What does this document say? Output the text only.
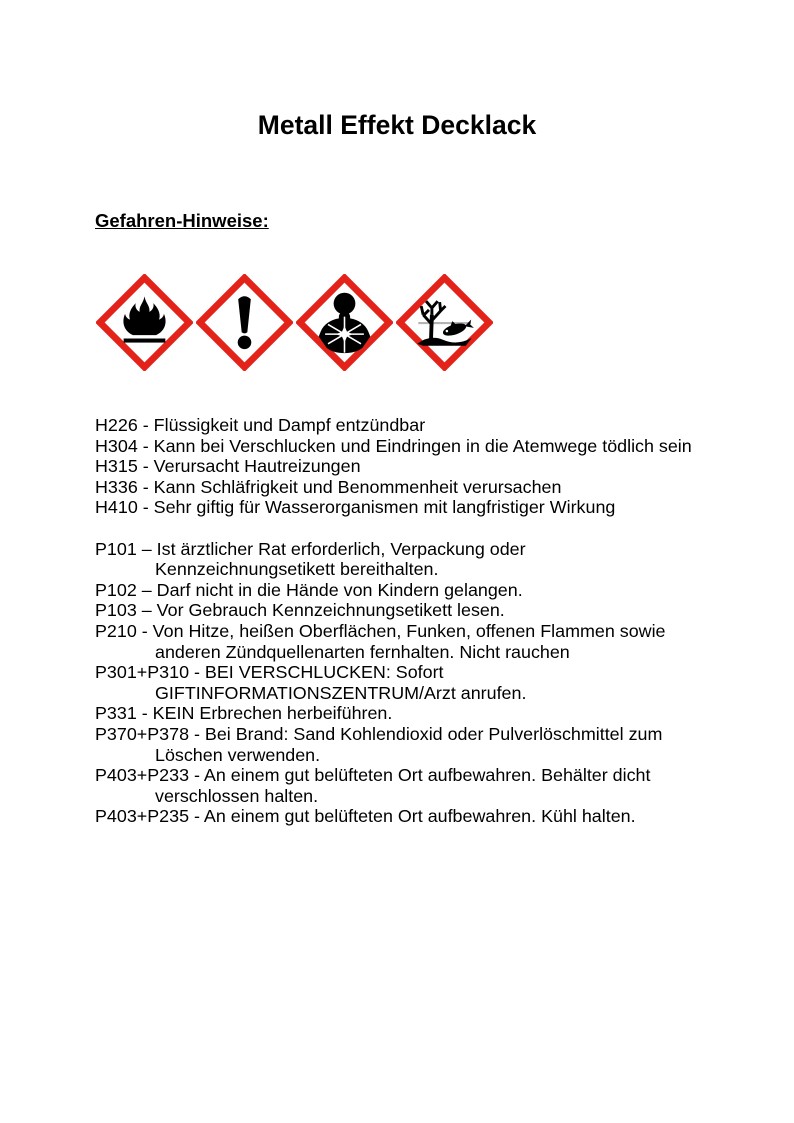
Metall Effekt Decklack
Gefahren-Hinweise:
H226 - Flüssigkeit und Dampf entzündbar
H304 - Kann bei Verschlucken und Eindringen in die Atemwege tödlich sein
H315 - Verursacht Hautreizungen
H336 - Kann Schläfrigkeit und Benommenheit verursachen
H410 - Sehr giftig für Wasserorganismen mit langfristiger Wirkung
P101 – Ist ärztlicher Rat erforderlich, Verpackung oder
Kennzeichnungsetikett bereithalten.
P102 – Darf nicht in die Hände von Kindern gelangen.
P103 – Vor Gebrauch Kennzeichnungsetikett lesen.
P210 - Von Hitze, heißen Oberflächen, Funken, offenen Flammen sowie
anderen Zündquellenarten fernhalten. Nicht rauchen
P301+P310 - BEI VERSCHLUCKEN: Sofort
GIFTINFORMATIONSZENTRUM/Arzt anrufen.
P331 - KEIN Erbrechen herbeiführen.
P370+P378 - Bei Brand: Sand Kohlendioxid oder Pulverlöschmittel zum
Löschen verwenden.
P403+P233 - An einem gut belüfteten Ort aufbewahren. Behälter dicht
verschlossen halten.
P403+P235 - An einem gut belüfteten Ort aufbewahren. Kühl halten.
